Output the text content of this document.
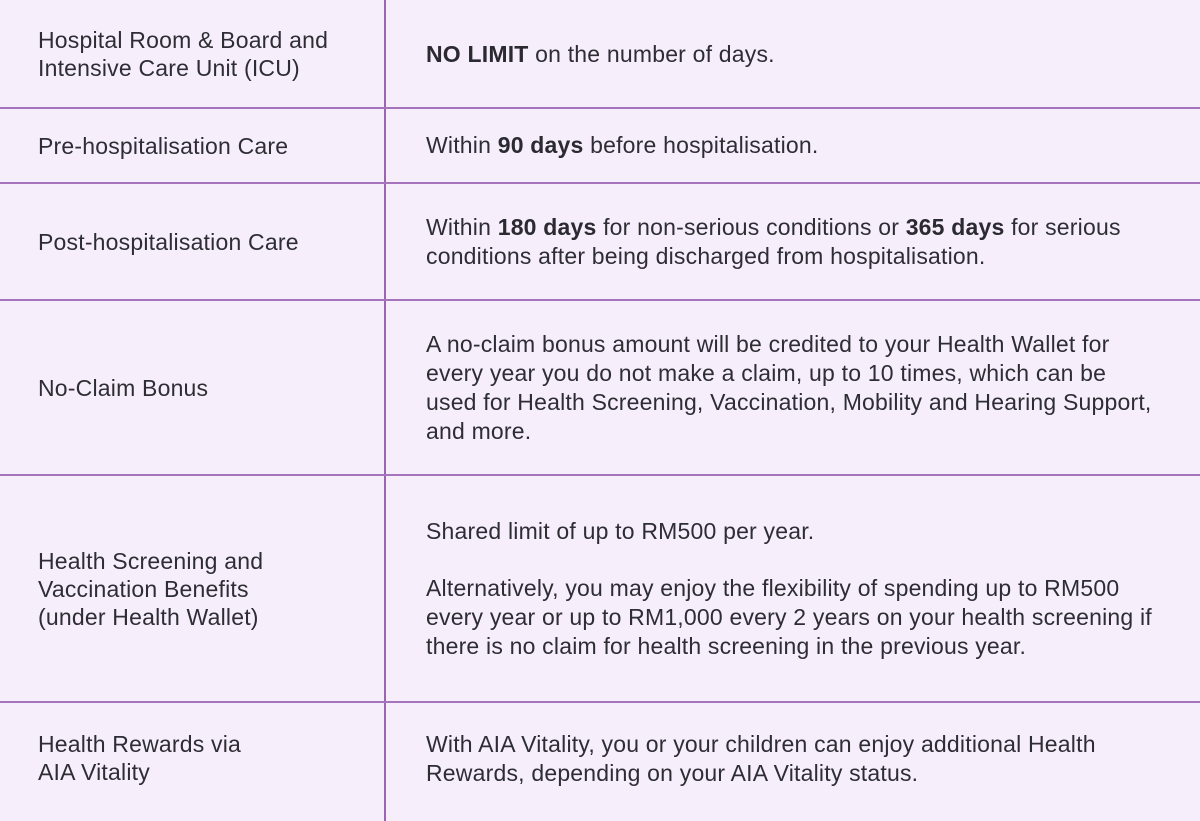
Hospital Room & Board and Intensive Care Unit (ICU)

NO LIMIT on the number of days.

Pre-hospitalisation Care	Within 90 days before hospitalisation.

Post-hospitalisation Care

Within 180 days for non-serious conditions or 365 days for serious conditions after being discharged from hospitalisation.

No-Claim Bonus

A no-claim bonus amount will be credited to your Health Wallet for every year you do not make a claim, up to 10 times, which can be used for Health Screening, Vaccination, Mobility and Hearing Support, and more.

Health Screening and Vaccination Benefits (under Health Wallet)

Shared limit of up to RM500 per year.

Alternatively, you may enjoy the flexibility of spending up to RM500 every year or up to RM1,000 every 2 years on your health screening if there is no claim for health screening in the previous year.

Health Rewards via AIA Vitality

With AIA Vitality, you or your children can enjoy additional Health Rewards, depending on your AIA Vitality status.
